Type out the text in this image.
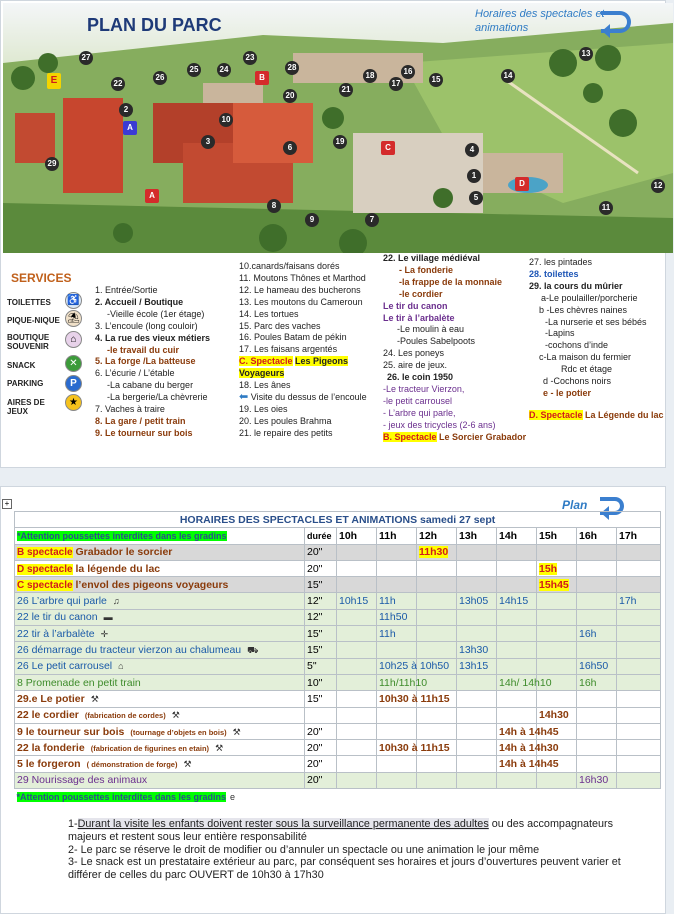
PLAN DU PARC
Horaires des spectacles et animations
27
E	22
26
25	24
23
B
28
20
21
17	15
18	16
13
14
A
10
6
3
2
19
9
29
C	4
1
A	5
8
D
7
12
11
SERVICES
TOILETTES	♿
PIQUE-NIQUE ⛱
BOUTIQUE SOUVENIR
⌂
SNACK	✕
PARKING	P
AIRES DE JEUX
★
1. Entrée/Sortie
2. Accueil / Boutique
-Vieille école (1er étage)
3. L’encoule (long couloir)
4. La rue des vieux métiers
-le travail du cuir
5. La forge /La batteuse
6. L’écurie / L’étable
-La cabane du berger
-La bergerie/La chèvrerie
7. Vaches à traire
8. La gare / petit train
9. Le tourneur sur bois
10.canards/faisans dorés
11. Moutons Thônes et Marthod
12. Le hameau des bucherons
13. Les moutons du Cameroun
14. Les tortues
15. Parc des vaches
16. Poules Batam de pékin
17. Les faisans argentés
C. Spectacle Les Pigeons
Voyageurs
18. Les ânes
⬅ Visite du dessus de l’encoule
19. Les oies
20. Les poules Brahma
21. le repaire des petits
22. Le village médiéval
- La fonderie
-la frappe de la monnaie
-le cordier
Le tir du canon
Le tir à l’arbalète
-Le moulin à eau
-Poules Sabelpoots
24. Les poneys
25. aire de jeux.
26. le coin 1950
-Le tracteur Vierzon,
-le petit carrousel
- L’arbre qui parle,
- jeux des tricycles (2-6 ans)
B. Spectacle Le Sorcier Grabador
27. les pintades
28. toilettes
29. la cours du mûrier
a-Le poulailler/porcherie
b -Les chèvres naines
-La nurserie et ses bébés
-Lapins
-cochons d’inde
c-La maison du fermier
Rdc et étage
d -Cochons noirs
e - le potier
D. Spectacle La Légende du lac
+	Plan
HORAIRES DES SPECTACLES ET ANIMATIONS samedi 27 sept									
*Attention poussettes interdites dans les gradins	durée	10h	11h	12h	13h	14h	15h	16h	17h
B spectacle Grabador le sorcier	20"			11h30					
D spectacle la légende du lac	20"						15h		
C spectacle l’envol des pigeons voyageurs	15"						15h45		
26 L’arbre qui parle ♫	12"	10h15	11h		13h05	14h15			17h
22 le tir du canon ▬	12"		11h50						
22 tir à l’arbalète ✛	15"		11h					16h	
26 démarrage du tracteur vierzon au chalumeau ⛟	15"				13h30				
26 Le petit carrousel ⌂	5"		10h25 à 10h50		13h15			16h50	
8 Promenade en petit train	10"		11h/11h10			14h/ 14h10		16h	
29.e Le potier ⚒	15"		10h30 à 11h15						
22 le cordier (fabrication de cordes) ⚒							14h30		
9 le tourneur sur bois (tournage d’objets en bois) ⚒	20"					14h à 14h45			
22 la fonderie (fabrication de figurines en etain) ⚒	20"		10h30 à 11h15			14h à 14h30			
5 le forgeron ( démonstration de forge) ⚒	20"					14h à 14h45			
29 Nourissage des animaux	20"							16h30	
*Attention poussettes interdites dans les gradins e									
1-Durant la visite les enfants doivent rester sous la surveillance permanente des adultes ou des accompagnateurs majeurs et restent sous leur entière responsabilité
2- Le parc se réserve le droit de modifier ou d’annuler un spectacle ou une animation le jour même
3- Le snack est un prestataire extérieur au parc, par conséquent ses horaires et jours d’ouvertures peuvent varier et différer de celles du parc OUVERT de 10h30 à 17h30
